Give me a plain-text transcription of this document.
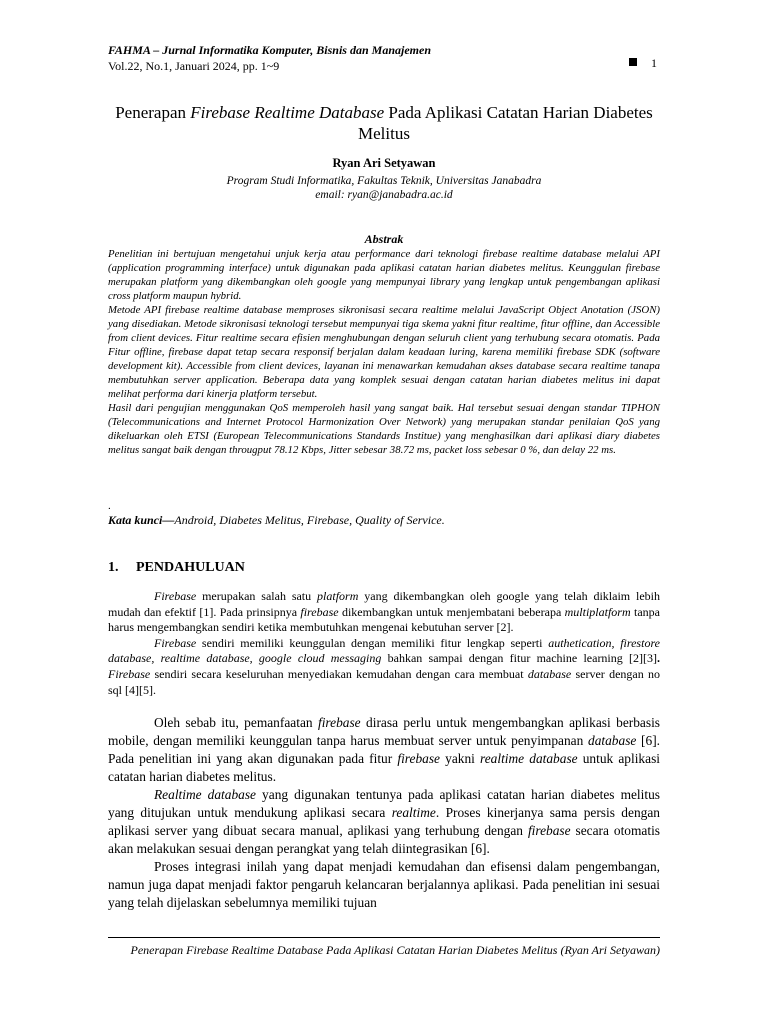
FAHMA – Jurnal Informatika Komputer, Bisnis dan Manajemen
Vol.22, No.1, Januari 2024, pp. 1~9	1
Penerapan Firebase Realtime Database Pada Aplikasi Catatan Harian Diabetes Melitus
Ryan Ari Setyawan
Program Studi Informatika, Fakultas Teknik, Universitas Janabadra
email: ryan@janabadra.ac.id
Abstrak

Penelitian ini bertujuan mengetahui unjuk kerja atau performance dari teknologi firebase realtime database melalui API (application programming interface) untuk digunakan pada aplikasi catatan harian diabetes melitus. Keunggulan firebase merupakan platform yang dikembangkan oleh google yang mempunyai library yang lengkap untuk pengembangan aplikasi cross platform maupun hybrid.

Metode API firebase realtime database memproses sikronisasi secara realtime melalui JavaScript Object Anotation (JSON) yang disediakan. Metode sikronisasi teknologi tersebut mempunyai tiga skema yakni fitur realtime, fitur offline, dan Accessible from client devices. Fitur realtime secara efisien menghubungan dengan seluruh client yang terhubung secara otomatis. Pada Fitur offline, firebase dapat tetap secara responsif berjalan dalam keadaan luring, karena memiliki firebase SDK (software development kit). Accessible from client devices, layanan ini menawarkan kemudahan akses database secara realtime tanapa membutuhkan server application. Beberapa data yang komplek sesuai dengan catatan harian diabetes melitus ini dapat melihat performa dari kinerja platform tersebut.

Hasil dari pengujian menggunakan QoS memperoleh hasil yang sangat baik. Hal tersebut sesuai dengan standar TIPHON (Telecommunications and Internet Protocol Harmonization Over Network) yang merupakan standar penilaian QoS yang dikeluarkan oleh ETSI (European Telecommunications Standards Institue) yang menghasilkan dari aplikasi diary diabetes melitus sangat baik dengan througput 78.12 Kbps, Jitter sebesar 38.72 ms, packet loss sebesar 0 %, dan delay 22 ms.

.
Kata kunci—Android, Diabetes Melitus, Firebase, Quality of Service.
1. PENDAHULUAN

Firebase merupakan salah satu platform yang dikembangkan oleh google yang telah diklaim lebih mudah dan efektif [1]. Pada prinsipnya firebase dikembangkan untuk menjembatani beberapa multiplatform tanpa harus mengembangkan sendiri ketika membutuhkan mengenai kebutuhan server [2].

Firebase sendiri memiliki keunggulan dengan memiliki fitur lengkap seperti authetication, firestore database, realtime database, google cloud messaging bahkan sampai dengan fitur machine learning [2][3]. Firebase sendiri secara keseluruhan menyediakan kemudahan dengan cara membuat database server dengan no sql [4][5].

Oleh sebab itu, pemanfaatan firebase dirasa perlu untuk mengembangkan aplikasi berbasis mobile, dengan memiliki keunggulan tanpa harus membuat server untuk penyimpanan database [6]. Pada penelitian ini yang akan digunakan pada fitur firebase yakni realtime database untuk aplikasi catatan harian diabetes melitus.

Realtime database yang digunakan tentunya pada aplikasi catatan harian diabetes melitus yang ditujukan untuk mendukung aplikasi secara realtime. Proses kinerjanya sama persis dengan aplikasi server yang dibuat secara manual, aplikasi yang terhubung dengan firebase secara otomatis akan melakukan sesuai dengan perangkat yang telah diintegrasikan [6].

Proses integrasi inilah yang dapat menjadi kemudahan dan efisensi dalam pengembangan, namun juga dapat menjadi faktor pengaruh kelancaran berjalannya aplikasi. Pada penelitian ini sesuai yang telah dijelaskan sebelumnya memiliki tujuan

Penerapan Firebase Realtime Database Pada Aplikasi Catatan Harian Diabetes Melitus (Ryan Ari Setyawan)
